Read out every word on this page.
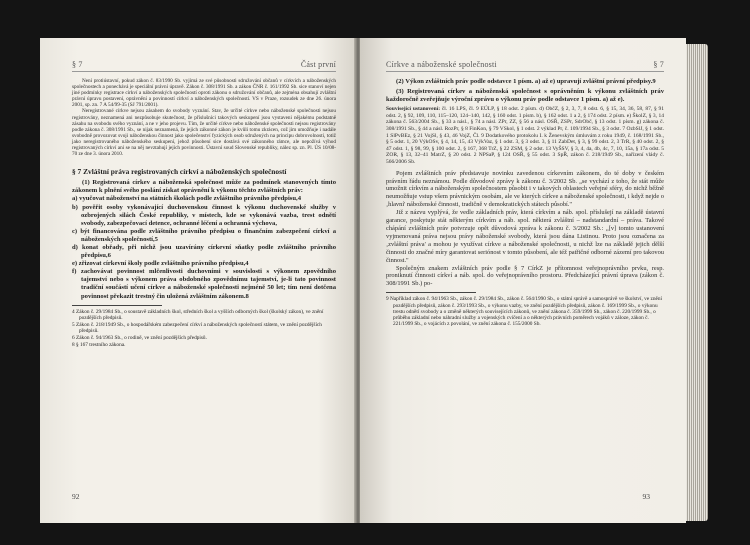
§ 7	Část první

Není protiústavní, pokud zákon č. 83/1990 Sb. vyjímá ze své působnosti sdružování občanů v církvích a náboženských společnostech a ponechává je speciální právní úpravě. Zákon č. 308/1991 Sb. a zákon ČNR č. 161/1992 Sb. sice stanoví nejen jiné podmínky registrace církví a náboženských společností oproti zákonu o sdružování občanů, ale zejména obsahují zvláštní právní úpravu postavení, oprávnění a povinností církví a náboženských společností. VS v Praze, rozsudek ze dne 26. února 2001, sp. zn. 7 A 54/99-35 (SJ 791/2001).

Neregistrované církve nejsou zásahem do svobody vyznání. Stav, že určité církve nebo náboženské společnosti nejsou registrovány, neznamená ani nezpůsobuje skutečnost, že příslušníci takových seskupení jsou vystaveni nějakému podstatně zásahu na svobodu svého vyznání, a ne v jeho projevu. Tím, že určité církve nebo náboženské společnosti nejsou registrovány podle zákona č. 308/1991 Sb., se nijak neznamená, že jejich zákonné zákon je kvůli tomu zkrácen, což jim umožňuje i nadále svobodně provozovat svoji náboženskou činnost jako společenství fyzických osob sdružených na principu dobrovolnosti, totiž jako neregistrovaného náboženského seskupení, jehož působení sice dostává své zákonného rámce, ale nepožívá výhod registrovaných církví ani se na něj nevztahují jejich povinnosti. Ústavní soud Slovenské republiky, nález sp. zn. Pl. ÚS 10/08-70 ze dne 3. února 2010.

§ 7 Zvláštní práva registrovaných církví a náboženských společností

(1) Registrovaná církev a náboženská společnost může za podmínek stanovených tímto zákonem k plnění svého poslání získat oprávnění k výkonu těchto zvláštních práv:

a) vyučovat náboženství na státních školách podle zvláštního právního předpisu,4

b) pověřit osoby vykonávající duchovenskou činnost k výkonu duchovenské služby v ozbrojených silách České republiky, v místech, kde se vykonává vazba, trest odnětí svobody, zabezpečovací detence, ochranné léčení a ochranná výchova,

c) být financována podle zvláštního právního předpisu o finančním zabezpečení církví a náboženských společností,5

d) konat obřady, při nichž jsou uzavírány církevní sňatky podle zvláštního právního předpisu,6

e) zřizovat církevní školy podle zvláštního právního předpisu,4

f) zachovávat povinnost mlčenlivosti duchovními v souvislosti s výkonem zpovědního tajemství nebo s výkonem práva obdobného zpovědnímu tajemství, je-li tato povinnost tradiční součástí učení církve a náboženské společnosti nejméně 50 let; tím není dotčena povinnost překazit trestný čin uložená zvláštním zákonem.8

4 Zákon č. 29/1984 Sb., o soustavě základních škol, středních škol a vyšších odborných škol (školský zákon), ve znění pozdějších předpisů.

5 Zákon č. 218/1949 Sb., o hospodářském zabezpečení církví a náboženských společností státem, ve znění pozdějších předpisů.

6 Zákon č. 94/1963 Sb., o rodině, ve znění pozdějších předpisů.

8 § 167 trestního zákona.

92
Církve a náboženské společnosti	§ 7

(2) Výkon zvláštních práv podle odstavce 1 písm. a) až e) upravují zvláštní právní předpisy.9

(3) Registrovaná církev a náboženská společnost s oprávněním k výkonu zvláštních práv každoročně zveřejňuje výroční zprávu o výkonu práv podle odstavce 1 písm. a) až e).

Související ustanovení: čl. 16 LPS, čl. 9 EÚLP, § 18 odst. 2 písm. d) ObčZ, § 2, 3, 7, 8 odst. 6, § 15, 34, 36, 58, 87, § 91 odst. 2, § 92, 109, 110, 115–120, 124–140, 142, § 160 odst. 1 písm. b), § 162 odst. 1 a 2, § 174 odst. 2 písm. e) ŠkolZ, § 3, 14 zákona č. 563/2004 Sb., § 33 a násl., § 74 a násl. ZPr, ZZ, § 56 a násl. OSŘ, ZSPr, SdrObč, § 13 odst. 1 písm. g) zákona č. 308/1991 Sb., § 44 a násl. RozPr, § 8 FinKon, § 79 VSkol, § 1 odst. 2 výklad Pr, č. 109/1994 Sb., § 3 odst. 7 OzbSlJ, § 1 odst. 1 SlPvBEz, § 21 VojSl, § 43, 46 VojZ, Čl. 9 Dodatkového protokolu I. k Ženevským úmluvám z roku 1949, č. 168/1991 Sb., § 5 odst. 1, 20 VýkOSv, § 4, 14, 15, 43 VýkVaz, § 1 odst. 3, § 3 odst. 3, § 11 ZabDet, § 3, § 99 odst. 2, 3 TrR, § 40 odst. 2, § 47 odst. 1, § 98, 99, § 100 odst. 2, § 167, 368 TrZ, § 22 ZSM, § 2 odst. 13 VyŠSV, § 3, 4, 4a, 4b, 4c, 7, 10, 15a, § 17a odst. 5 ZOR, § 13, 32–41 MatrZ, § 20 odst. 2 NPSaP, § 124 OSŘ, § 55 odst. 3 SpŘ, zákon č. 218/1949 Sb., nařízení vlády č. 566/2006 Sb.

Pojem zvláštních práv představuje novinku zavedenou církevním zákonem, do té doby v českém právním řádu neznámou. Podle důvodové zprávy k zákonu č. 3/2002 Sb. „se vychází z toho, že stát může umožnit církvím a náboženským společnostem působit i v takových oblastech veřejné sféry, do nichž běžně neumožňuje vstup všem právnickým osobám, ale ve kterých církve a náboženské společnosti, i když nejde o ‚hlavní' náboženské činnosti, tradičně v demokratických státech působí."

Již z názvu vyplývá, že vedle základních práv, která církvím a náb. spol. příslušejí na základě ústavní garance, poskytuje stát některým církvím a náb. spol. některá zvláštní – nadstandardní – práva. Takové chápání zvláštních práv potvrzuje opět důvodová zpráva k zákonu č. 3/2002 Sb.: „[v] tomto ustanovení vyjmenovaná práva nejsou právy náboženské svobody, která jsou dána Listinou. Proto jsou označena za ‚zvláštní práva' a mohou je využívat církve a náboženské společnosti, u nichž lze na základě jejich dělší činnosti do značné míry garantovat seriónost v tomto působení, ale též patřičné odborné zázemí pro takovou činnost."

Společným znakem zvláštních práv podle § 7 CírkZ je přítomnost veřejnoprávního prvku, resp. proniknutí činnosti církví a náb. spol. do veřejnoprávního prostoru. Předcházející právní úprava (zákon č. 308/1991 Sb.) po-

9 Například zákon č. 94/1963 Sb., zákon č. 29/1984 Sb., zákon č. 564/1990 Sb., o státní správě a samosprávě ve školství, ve znění pozdějších předpisů, zákon č. 293/1993 Sb., o výkonu vazby, ve znění pozdějších předpisů, zákon č. 169/1999 Sb., o výkonu trestu odnětí svobody a o změně některých souvisejících zákonů, ve znění zákona č. 359/1999 Sb., zákon č. 220/1999 Sb., o průběhu základní nebo náhradní služby a vojenských cvičení a o některých právních poměrech vojáků v záloze, zákon č. 221/1999 Sb., o vojácích z povolání, ve znění zákona č. 155/2000 Sb.

93
